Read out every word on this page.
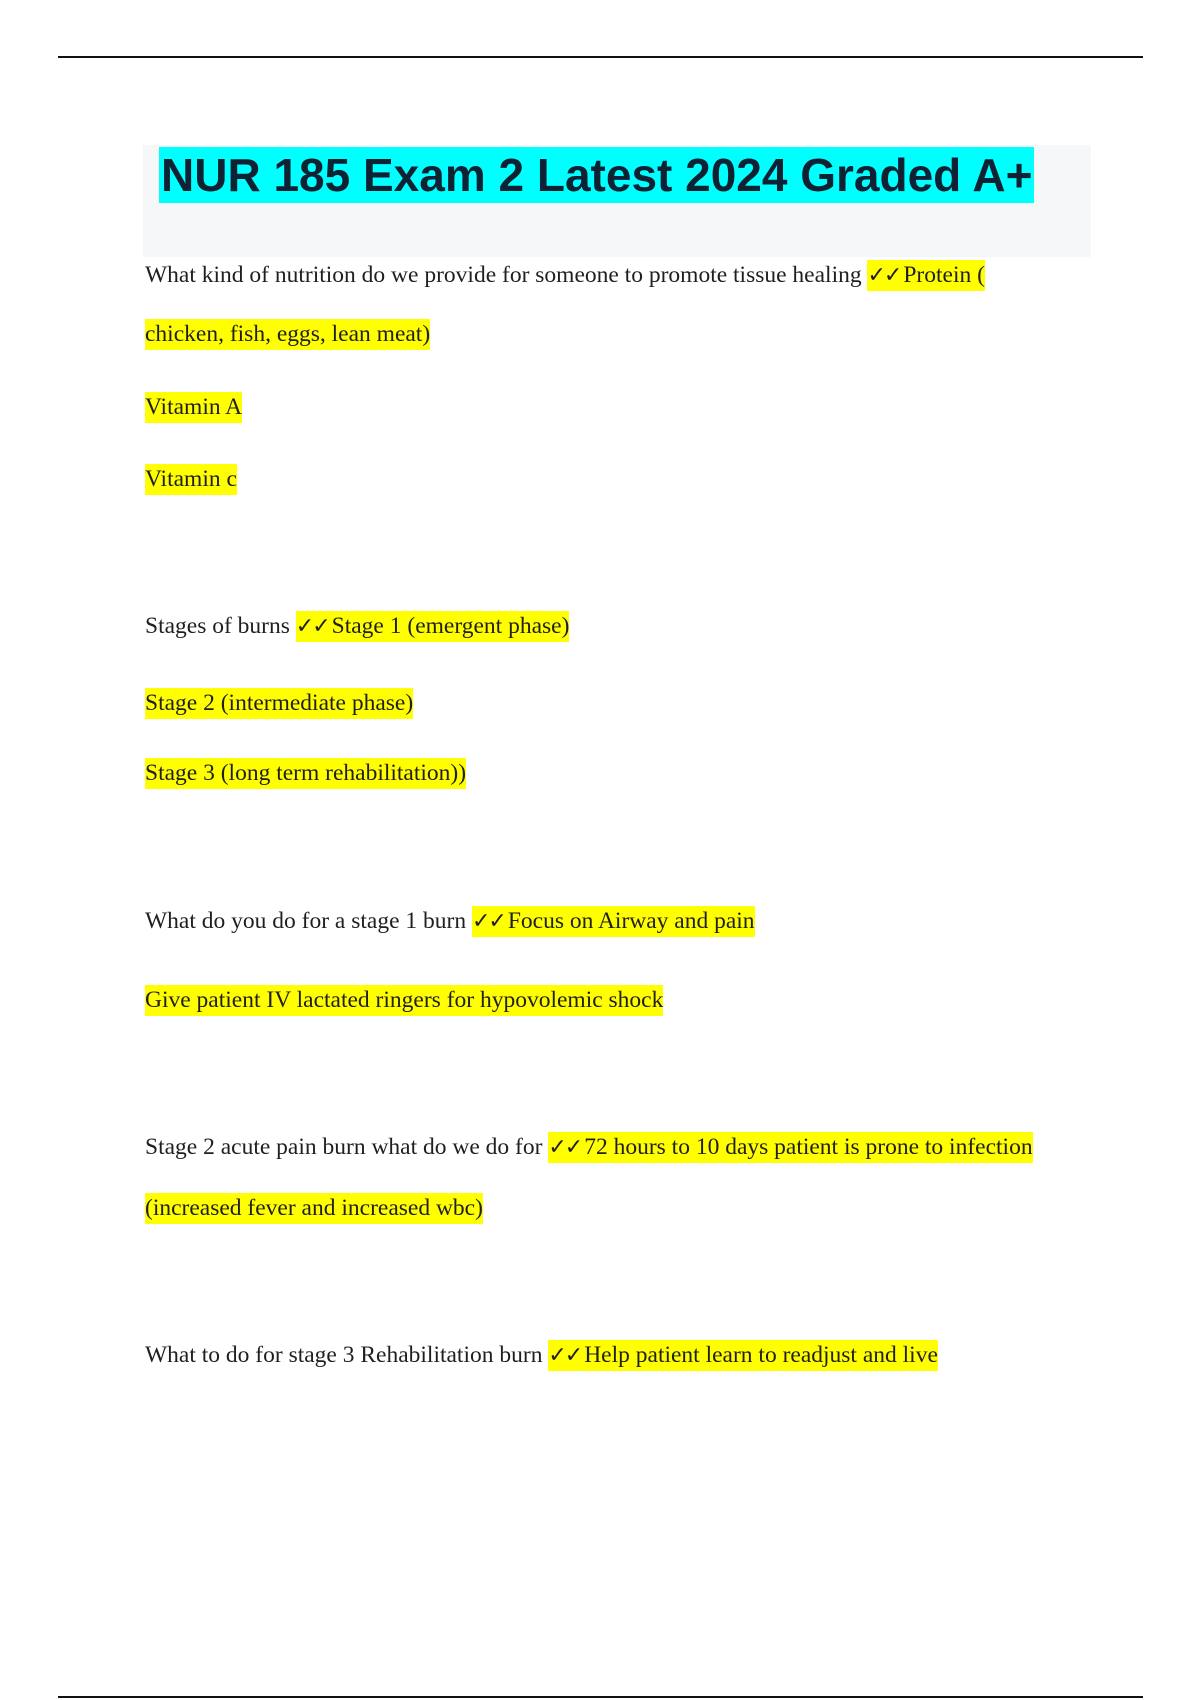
NUR 185 Exam 2 Latest 2024 Graded A+

What kind of nutrition do we provide for someone to promote tissue healing ✓✓ Protein (

chicken, fish, eggs, lean meat)

Vitamin A

Vitamin c

Stages of burns ✓✓ Stage 1 (emergent phase)

Stage 2 (intermediate phase)

Stage 3 (long term rehabilitation))

What do you do for a stage 1 burn ✓✓ Focus on Airway and pain

Give patient IV lactated ringers for hypovolemic shock

Stage 2 acute pain burn what do we do for ✓✓ 72 hours to 10 days patient is prone to infection

(increased fever and increased wbc)

What to do for stage 3 Rehabilitation burn ✓✓ Help patient learn to readjust and live
